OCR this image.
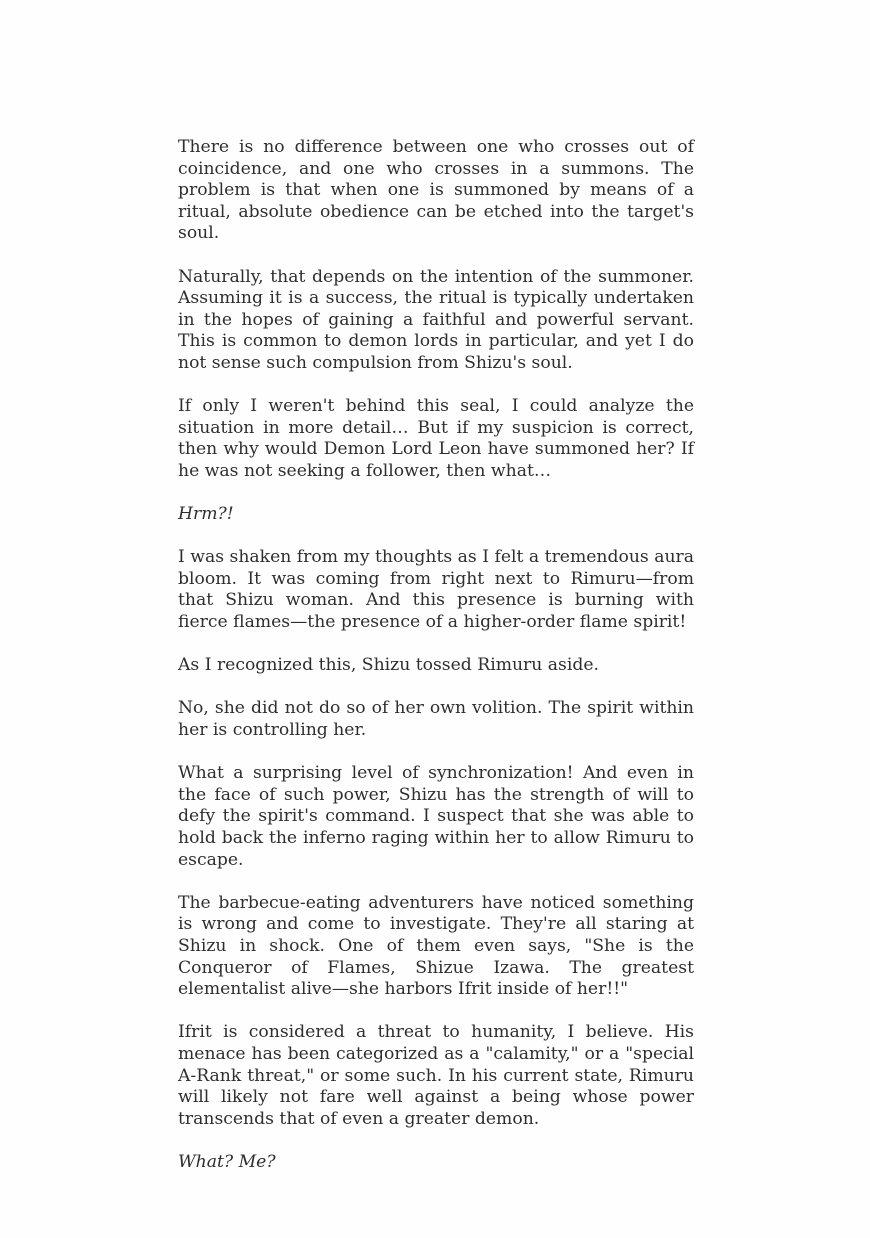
There is no difference between one who crosses out of coincidence, and one who crosses in a summons. The problem is that when one is summoned by means of a ritual, absolute obedience can be etched into the target's soul.

Naturally, that depends on the intention of the summoner. Assuming it is a success, the ritual is typically undertaken in the hopes of gaining a faithful and powerful servant. This is common to demon lords in particular, and yet I do not sense such compulsion from Shizu's soul.

If only I weren't behind this seal, I could analyze the situation in more detail… But if my suspicion is correct, then why would Demon Lord Leon have summoned her? If he was not seeking a follower, then what…

Hrm?!

I was shaken from my thoughts as I felt a tremendous aura bloom. It was coming from right next to Rimuru—from that Shizu woman. And this presence is burning with fierce flames—the presence of a higher-order flame spirit!

As I recognized this, Shizu tossed Rimuru aside.

No, she did not do so of her own volition. The spirit within her is controlling her.

What a surprising level of synchronization! And even in the face of such power, Shizu has the strength of will to defy the spirit's command. I suspect that she was able to hold back the inferno raging within her to allow Rimuru to escape.

The barbecue-eating adventurers have noticed something is wrong and come to investigate. They're all staring at Shizu in shock. One of them even says, "She is the Conqueror of Flames, Shizue Izawa. The greatest elementalist alive—she harbors Ifrit inside of her!!"

Ifrit is considered a threat to humanity, I believe. His menace has been categorized as a "calamity," or a "special A-Rank threat," or some such. In his current state, Rimuru will likely not fare well against a being whose power transcends that of even a greater demon.

What? Me?
